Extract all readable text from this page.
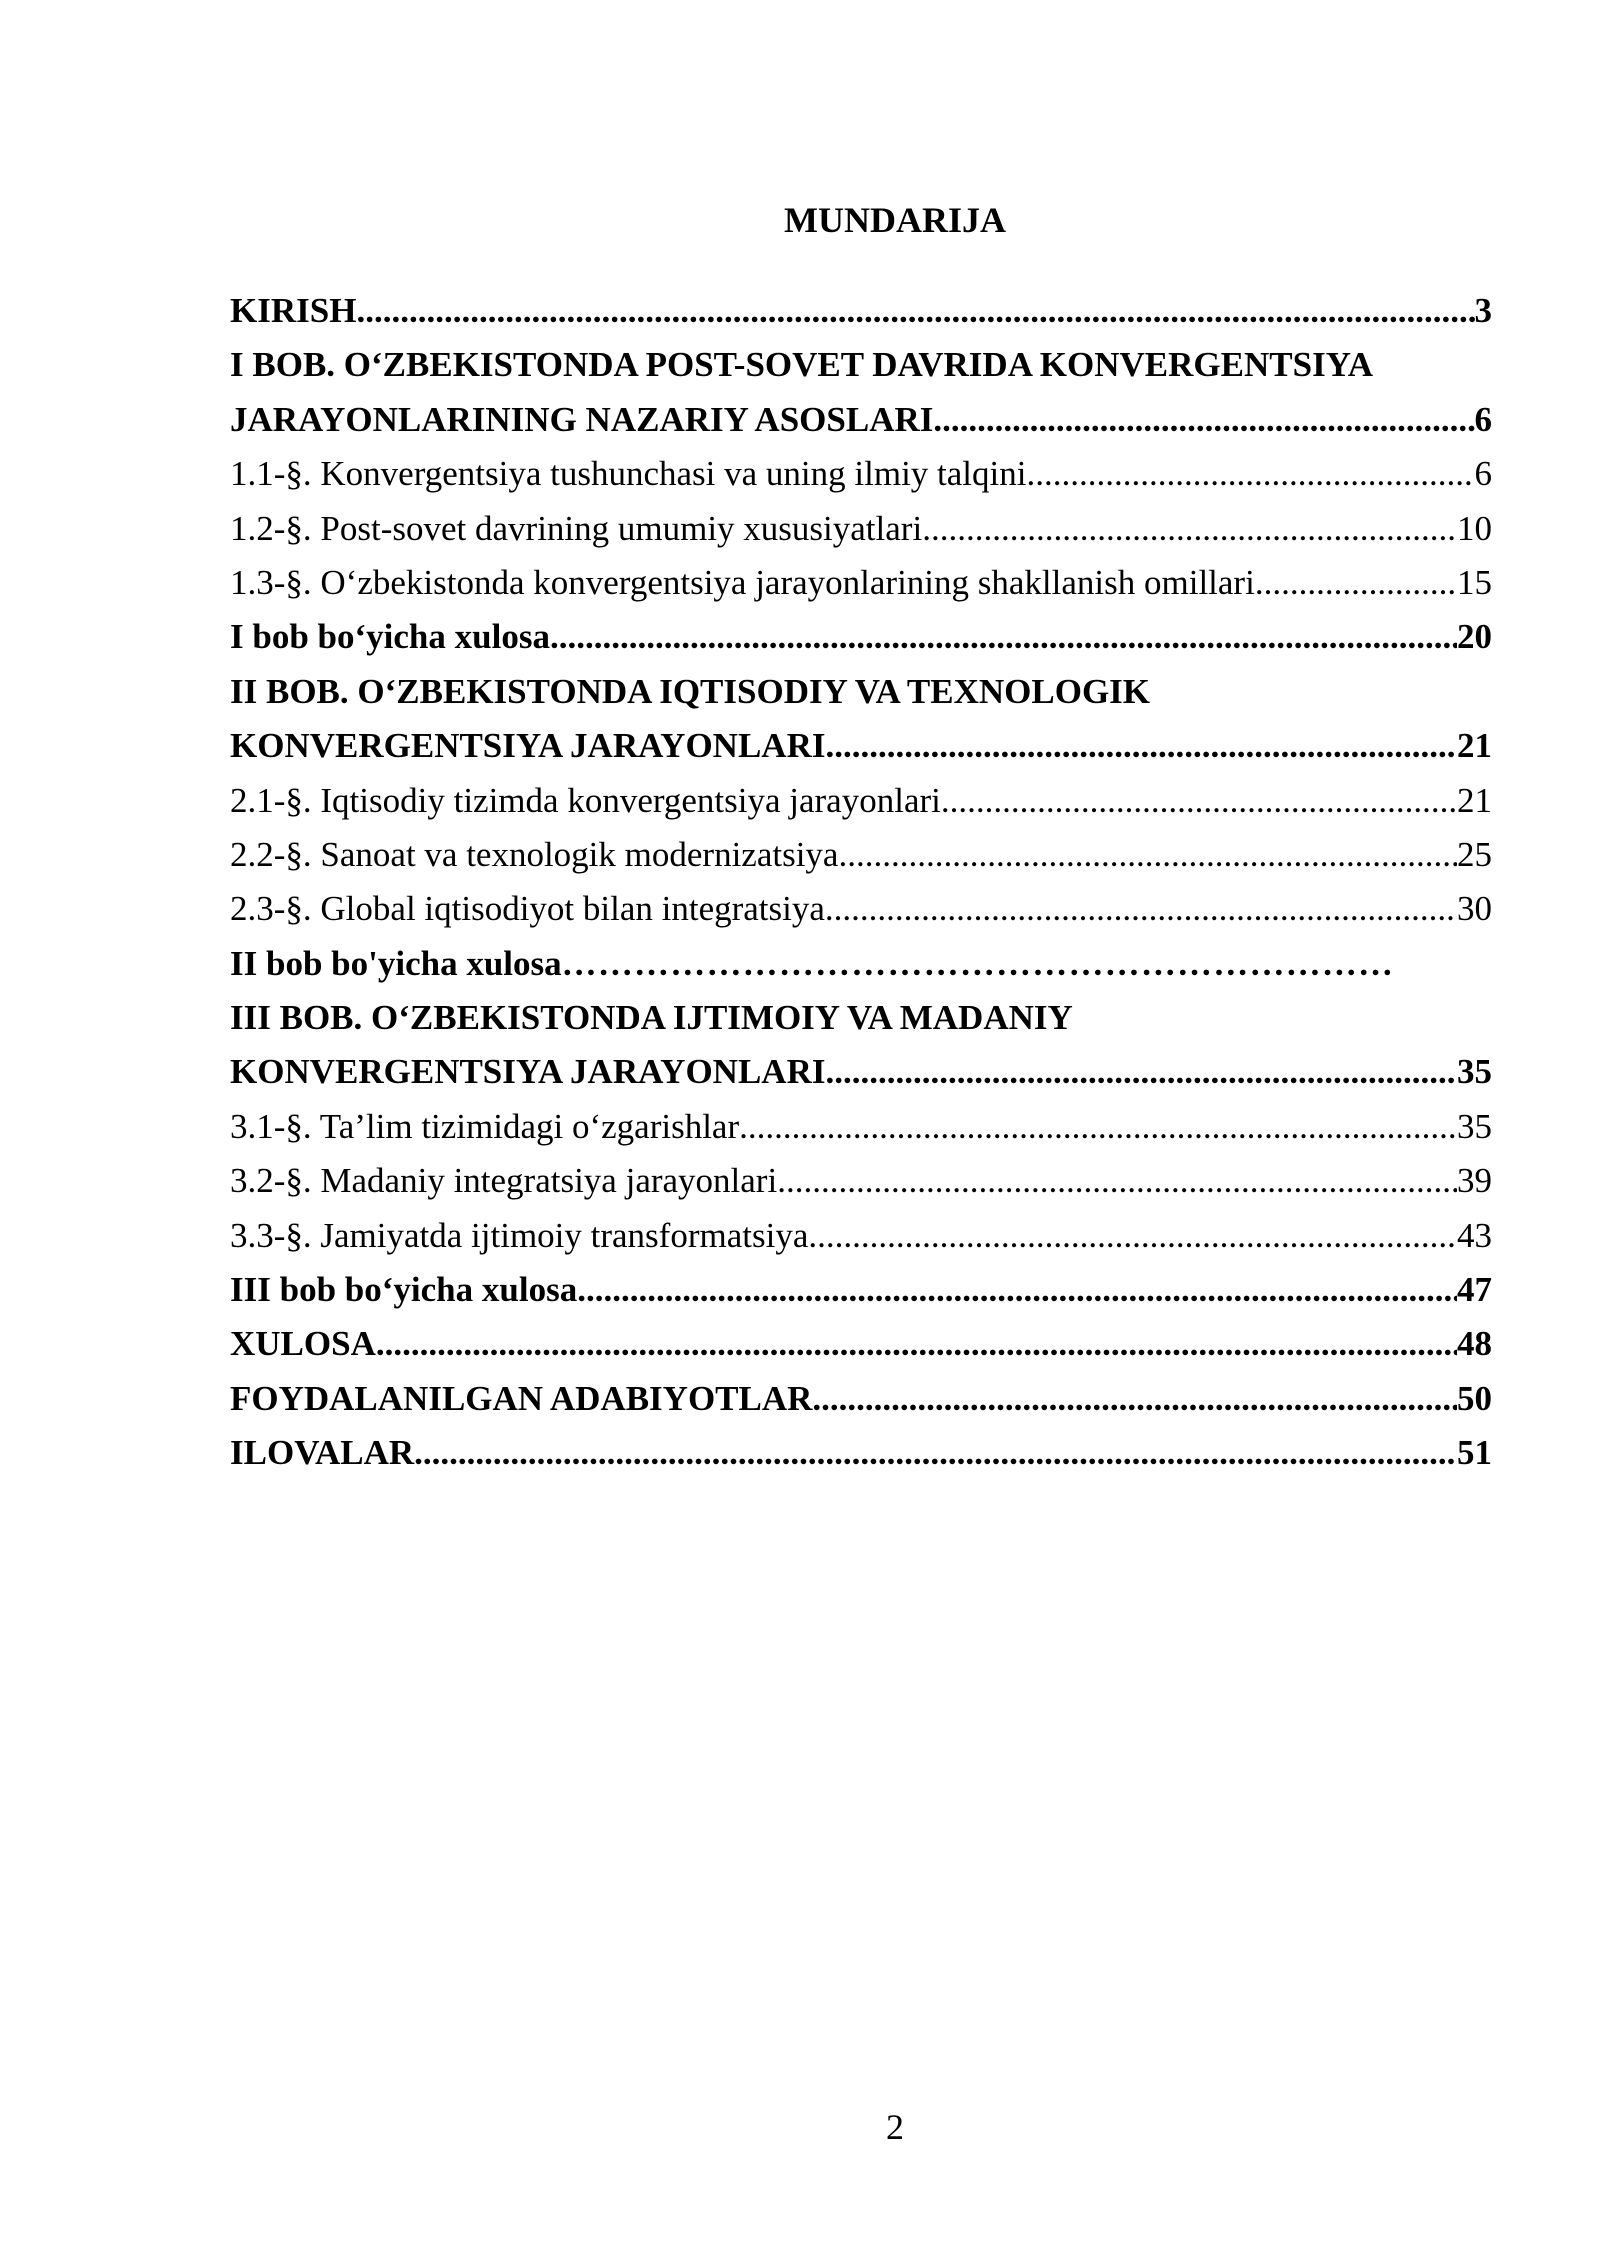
MUNDARIJA
KIRISH .....	3
I BOB. O‘ZBEKISTONDA POST-SOVET DAVRIDA KONVERGENTSIYA
JARAYONLARINING NAZARIY ASOSLARI .....	6
1.1-§. Konvergentsiya tushunchasi va uning ilmiy talqini .....	6
1.2-§. Post-sovet davrining umumiy xususiyatlari .....	10
1.3-§. O‘zbekistonda konvergentsiya jarayonlarining shakllanish omillari .....	15
I bob bo‘yicha xulosa .....	20
II BOB. O‘ZBEKISTONDA IQTISODIY VA TEXNOLOGIK
KONVERGENTSIYA JARAYONLARI .....	21
2.1-§. Iqtisodiy tizimda konvergentsiya jarayonlari .....	21
2.2-§. Sanoat va texnologik modernizatsiya .....	25
2.3-§. Global iqtisodiyot bilan integratsiya .....	30
II bob bo'yicha xulosa ……………………………………………………………
III BOB. O‘ZBEKISTONDA IJTIMOIY VA MADANIY
KONVERGENTSIYA JARAYONLARI .....	35
3.1-§. Ta’lim tizimidagi o‘zgarishlar .....	35
3.2-§. Madaniy integratsiya jarayonlari .....	39
3.3-§. Jamiyatda ijtimoiy transformatsiya .....	43
III bob bo‘yicha xulosa .....	47
XULOSA .....	48
FOYDALANILGAN ADABIYOTLAR .....	50
ILOVALAR .....	51
2
